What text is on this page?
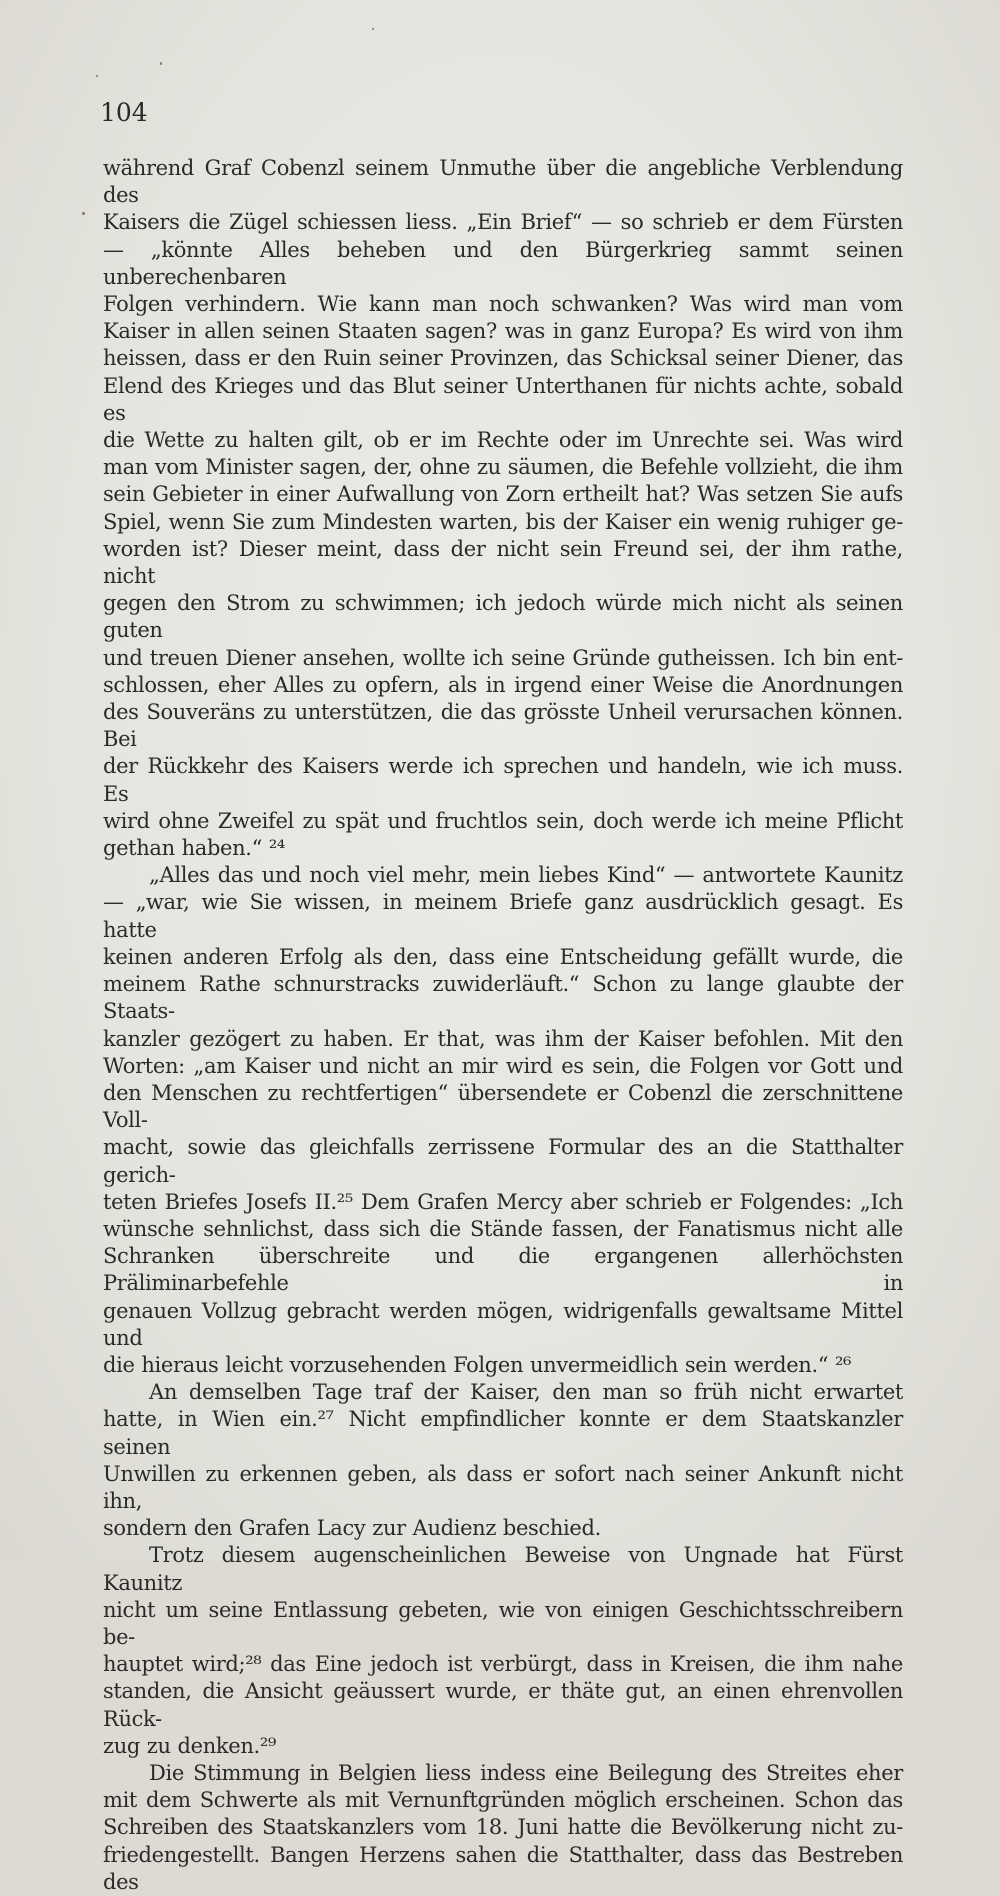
104

während Graf Cobenzl seinem Unmuthe über die angebliche Verblendung des

Kaisers die Zügel schiessen liess. „Ein Brief“ — so schrieb er dem Fürsten

— „könnte Alles beheben und den Bürgerkrieg sammt seinen unberechenbaren

Folgen verhindern. Wie kann man noch schwanken? Was wird man vom

Kaiser in allen seinen Staaten sagen? was in ganz Europa? Es wird von ihm

heissen, dass er den Ruin seiner Provinzen, das Schicksal seiner Diener, das

Elend des Krieges und das Blut seiner Unterthanen für nichts achte, sobald es

die Wette zu halten gilt, ob er im Rechte oder im Unrechte sei. Was wird

man vom Minister sagen, der, ohne zu säumen, die Befehle vollzieht, die ihm

sein Gebieter in einer Aufwallung von Zorn ertheilt hat? Was setzen Sie aufs

Spiel, wenn Sie zum Mindesten warten, bis der Kaiser ein wenig ruhiger ge-

worden ist? Dieser meint, dass der nicht sein Freund sei, der ihm rathe, nicht

gegen den Strom zu schwimmen; ich jedoch würde mich nicht als seinen guten

und treuen Diener ansehen, wollte ich seine Gründe gutheissen. Ich bin ent-

schlossen, eher Alles zu opfern, als in irgend einer Weise die Anordnungen

des Souveräns zu unterstützen, die das grösste Unheil verursachen können. Bei

der Rückkehr des Kaisers werde ich sprechen und handeln, wie ich muss. Es

wird ohne Zweifel zu spät und fruchtlos sein, doch werde ich meine Pflicht

gethan haben.“ ²⁴

„Alles das und noch viel mehr, mein liebes Kind“ — antwortete Kaunitz

— „war, wie Sie wissen, in meinem Briefe ganz ausdrücklich gesagt. Es hatte

keinen anderen Erfolg als den, dass eine Entscheidung gefällt wurde, die

meinem Rathe schnurstracks zuwiderläuft.“ Schon zu lange glaubte der Staats-

kanzler gezögert zu haben. Er that, was ihm der Kaiser befohlen. Mit den

Worten: „am Kaiser und nicht an mir wird es sein, die Folgen vor Gott und

den Menschen zu rechtfertigen“ übersendete er Cobenzl die zerschnittene Voll-

macht, sowie das gleichfalls zerrissene Formular des an die Statthalter gerich-

teten Briefes Josefs II.²⁵ Dem Grafen Mercy aber schrieb er Folgendes: „Ich

wünsche sehnlichst, dass sich die Stände fassen, der Fanatismus nicht alle

Schranken überschreite und die ergangenen allerhöchsten Präliminarbefehle in

genauen Vollzug gebracht werden mögen, widrigenfalls gewaltsame Mittel und

die hieraus leicht vorzusehenden Folgen unvermeidlich sein werden.“ ²⁶

An demselben Tage traf der Kaiser, den man so früh nicht erwartet

hatte, in Wien ein.²⁷ Nicht empfindlicher konnte er dem Staatskanzler seinen

Unwillen zu erkennen geben, als dass er sofort nach seiner Ankunft nicht ihn,

sondern den Grafen Lacy zur Audienz beschied.

Trotz diesem augenscheinlichen Beweise von Ungnade hat Fürst Kaunitz

nicht um seine Entlassung gebeten, wie von einigen Geschichtsschreibern be-

hauptet wird;²⁸ das Eine jedoch ist verbürgt, dass in Kreisen, die ihm nahe

standen, die Ansicht geäussert wurde, er thäte gut, an einen ehrenvollen Rück-

zug zu denken.²⁹

Die Stimmung in Belgien liess indess eine Beilegung des Streites eher

mit dem Schwerte als mit Vernunftgründen möglich erscheinen. Schon das

Schreiben des Staatskanzlers vom 18. Juni hatte die Bevölkerung nicht zu-

friedengestellt. Bangen Herzens sahen die Statthalter, dass das Bestreben des
